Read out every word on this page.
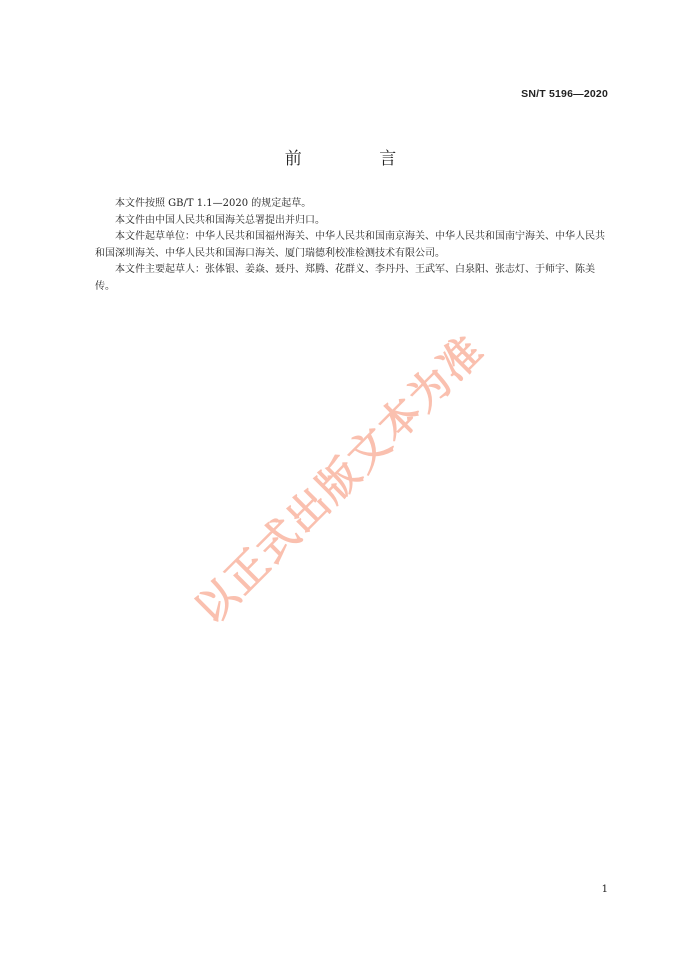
SN/T 5196—2020
前 言

本文件按照 GB/T 1.1—2020 的规定起草。

本文件由中国人民共和国海关总署提出并归口。

本文件起草单位：中华人民共和国福州海关、中华人民共和国南京海关、中华人民共和国南宁海关、中华人民共和国深圳海关、中华人民共和国海口海关、厦门瑞德利校准检测技术有限公司。

本文件主要起草人：张体银、姜焱、聂丹、郑腾、花群义、李丹丹、王武军、白泉阳、张志灯、于师宇、陈美传。

以正式出版文本为准
1
